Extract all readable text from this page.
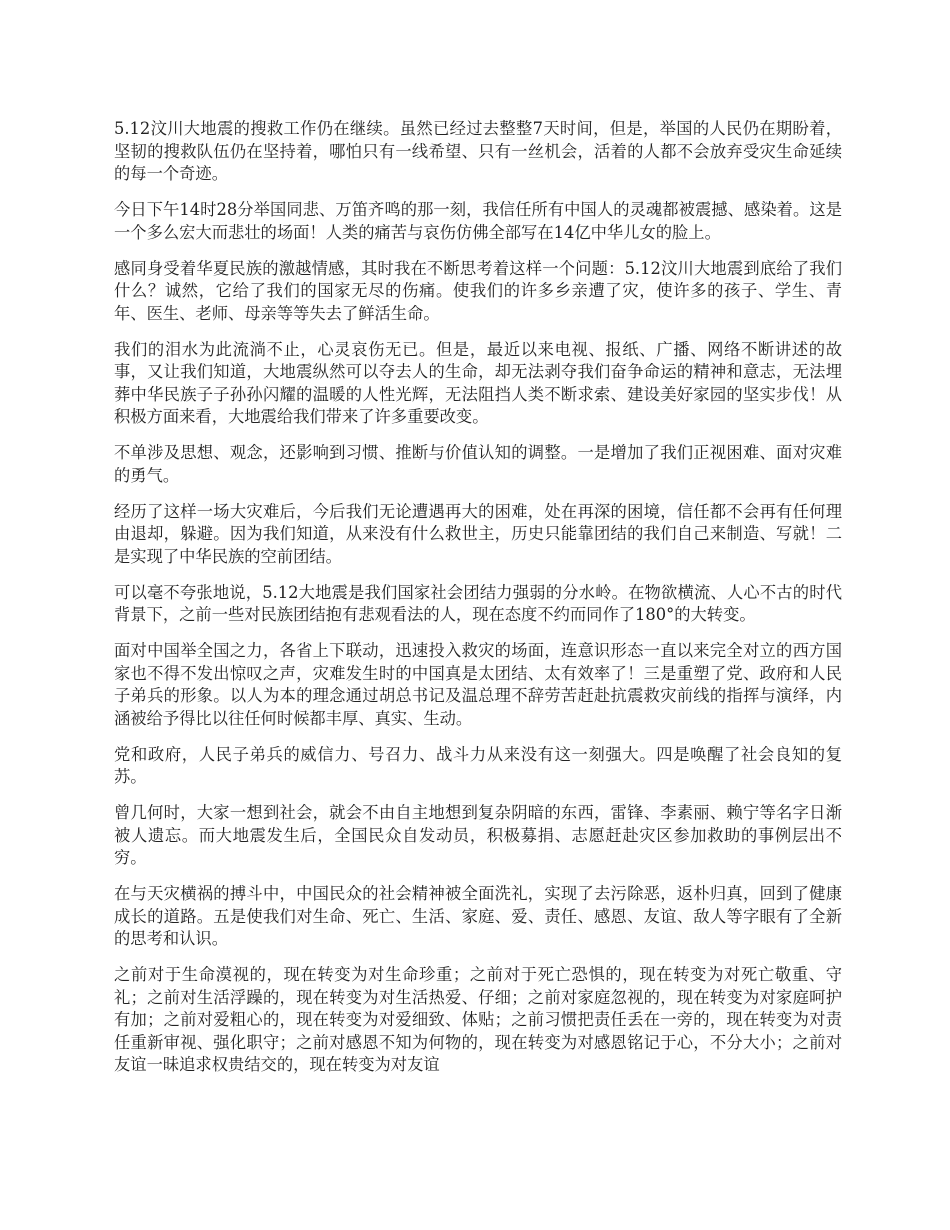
5.12汶川大地震的搜救工作仍在继续。虽然已经过去整整7天时间，但是，举国的人民仍在期盼着，坚韧的搜救队伍仍在坚持着，哪怕只有一线希望、只有一丝机会，活着的人都不会放弃受灾生命延续的每一个奇迹。

今日下午14时28分举国同悲、万笛齐鸣的那一刻，我信任所有中国人的灵魂都被震撼、感染着。这是一个多么宏大而悲壮的场面！人类的痛苦与哀伤仿佛全部写在14亿中华儿女的脸上。

感同身受着华夏民族的激越情感，其时我在不断思考着这样一个问题：5.12汶川大地震到底给了我们什么？诚然，它给了我们的国家无尽的伤痛。使我们的许多乡亲遭了灾，使许多的孩子、学生、青年、医生、老师、母亲等等失去了鲜活生命。

我们的泪水为此流淌不止，心灵哀伤无已。但是，最近以来电视、报纸、广播、网络不断讲述的故事，又让我们知道，大地震纵然可以夺去人的生命，却无法剥夺我们奋争命运的精神和意志，无法埋葬中华民族子子孙孙闪耀的温暖的人性光辉，无法阻挡人类不断求索、建设美好家园的坚实步伐！从积极方面来看，大地震给我们带来了许多重要改变。

不单涉及思想、观念，还影响到习惯、推断与价值认知的调整。一是增加了我们正视困难、面对灾难的勇气。

经历了这样一场大灾难后，今后我们无论遭遇再大的困难，处在再深的困境，信任都不会再有任何理由退却，躲避。因为我们知道，从来没有什么救世主，历史只能靠团结的我们自己来制造、写就！二是实现了中华民族的空前团结。

可以毫不夸张地说，5.12大地震是我们国家社会团结力强弱的分水岭。在物欲横流、人心不古的时代背景下，之前一些对民族团结抱有悲观看法的人，现在态度不约而同作了180°的大转变。

面对中国举全国之力，各省上下联动，迅速投入救灾的场面，连意识形态一直以来完全对立的西方国家也不得不发出惊叹之声，灾难发生时的中国真是太团结、太有效率了！三是重塑了党、政府和人民子弟兵的形象。以人为本的理念通过胡总书记及温总理不辞劳苦赶赴抗震救灾前线的指挥与演绎，内涵被给予得比以往任何时候都丰厚、真实、生动。

党和政府，人民子弟兵的威信力、号召力、战斗力从来没有这一刻强大。四是唤醒了社会良知的复苏。

曾几何时，大家一想到社会，就会不由自主地想到复杂阴暗的东西，雷锋、李素丽、赖宁等名字日渐被人遗忘。而大地震发生后，全国民众自发动员，积极募捐、志愿赶赴灾区参加救助的事例层出不穷。

在与天灾横祸的搏斗中，中国民众的社会精神被全面洗礼，实现了去污除恶，返朴归真，回到了健康成长的道路。五是使我们对生命、死亡、生活、家庭、爱、责任、感恩、友谊、敌人等字眼有了全新的思考和认识。

之前对于生命漠视的，现在转变为对生命珍重；之前对于死亡恐惧的，现在转变为对死亡敬重、守礼；之前对生活浮躁的，现在转变为对生活热爱、仔细；之前对家庭忽视的，现在转变为对家庭呵护有加；之前对爱粗心的，现在转变为对爱细致、体贴；之前习惯把责任丢在一旁的，现在转变为对责任重新审视、强化职守；之前对感恩不知为何物的，现在转变为对感恩铭记于心，不分大小；之前对友谊一昧追求权贵结交的，现在转变为对友谊
